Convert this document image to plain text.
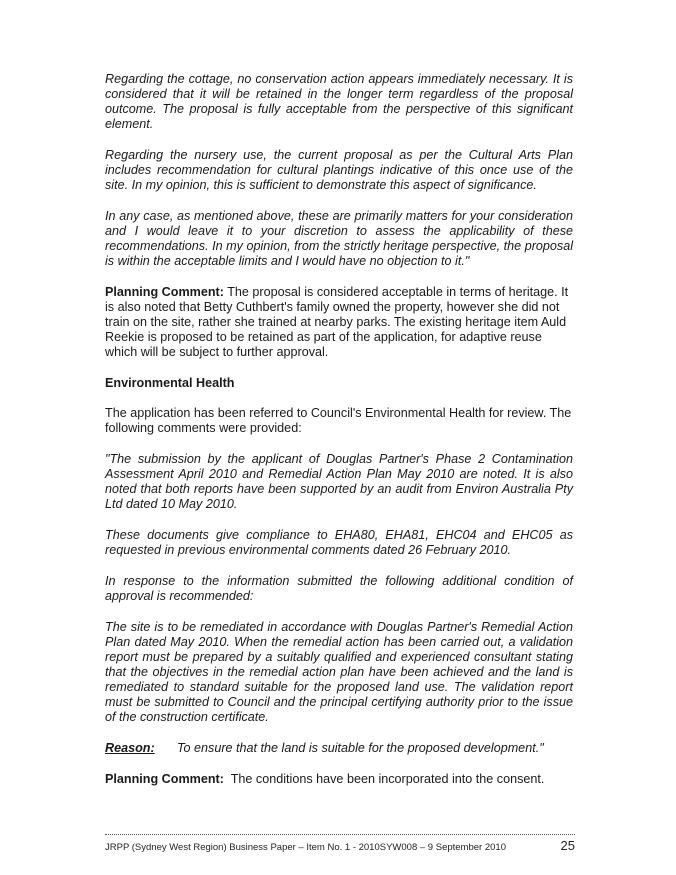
Regarding the cottage, no conservation action appears immediately necessary. It is considered that it will be retained in the longer term regardless of the proposal outcome. The proposal is fully acceptable from the perspective of this significant element.

Regarding the nursery use, the current proposal as per the Cultural Arts Plan includes recommendation for cultural plantings indicative of this once use of the site. In my opinion, this is sufficient to demonstrate this aspect of significance.

In any case, as mentioned above, these are primarily matters for your consideration and I would leave it to your discretion to assess the applicability of these recommendations. In my opinion, from the strictly heritage perspective, the proposal is within the acceptable limits and I would have no objection to it."

Planning Comment: The proposal is considered acceptable in terms of heritage. It is also noted that Betty Cuthbert's family owned the property, however she did not train on the site, rather she trained at nearby parks. The existing heritage item Auld Reekie is proposed to be retained as part of the application, for adaptive reuse which will be subject to further approval.

Environmental Health

The application has been referred to Council's Environmental Health for review. The following comments were provided:

"The submission by the applicant of Douglas Partner's Phase 2 Contamination Assessment April 2010 and Remedial Action Plan May 2010 are noted. It is also noted that both reports have been supported by an audit from Environ Australia Pty Ltd dated 10 May 2010.

These documents give compliance to EHA80, EHA81, EHC04 and EHC05 as requested in previous environmental comments dated 26 February 2010.

In response to the information submitted the following additional condition of approval is recommended:

The site is to be remediated in accordance with Douglas Partner's Remedial Action Plan dated May 2010. When the remedial action has been carried out, a validation report must be prepared by a suitably qualified and experienced consultant stating that the objectives in the remedial action plan have been achieved and the land is remediated to standard suitable for the proposed land use. The validation report must be submitted to Council and the principal certifying authority prior to the issue of the construction certificate.

Reason:	To ensure that the land is suitable for the proposed development."

Planning Comment:  The conditions have been incorporated into the consent.

JRPP (Sydney West Region) Business Paper – Item No. 1 - 2010SYW008 – 9 September 2010	25
